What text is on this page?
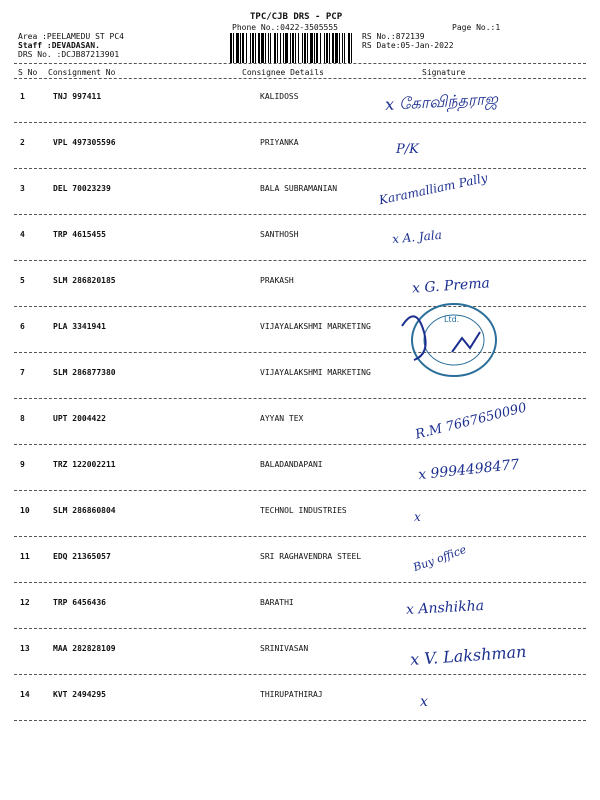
TPC/CJB DRS - PCP
Phone No.:0422-3505555	Page No.:1
Area :PEELAMEDU ST PC4
Staff :DEVADASAN.
DRS No. :DCJB87213901
RS No.:872139
RS Date:05-Jan-2022
S No Consignment No	Consignee Details	Signature
1	TNJ 997411	KALIDOSS	x கோவிந்தராஜ
2	VPL 497305596	PRIYANKA	P/K
3	DEL 70023239	BALA SUBRAMANIAN	Karamalliam Pally
4	TRP 4615455	SANTHOSH	x A. Jala
5	SLM 286820185	PRAKASH	x G. Prema
6	PLA 3341941	VIJAYALAKSHMI MARKETING
7	SLM 286877380	VIJAYALAKSHMI MARKETING
8	UPT 2004422	AYYAN TEX	R.M 7667650090
9	TRZ 122002211	BALADANDAPANI	x 9994498477
10	SLM 286860804	TECHNOL INDUSTRIES	x
11	EDQ 21365057	SRI RAGHAVENDRA STEEL	Buy office
12	TRP 6456436	BARATHI	x Anshikha
13	MAA 282828109	SRINIVASAN	x V. Lakshman
14	KVT 2494295	THIRUPATHIRAJ	x
Ltd.
